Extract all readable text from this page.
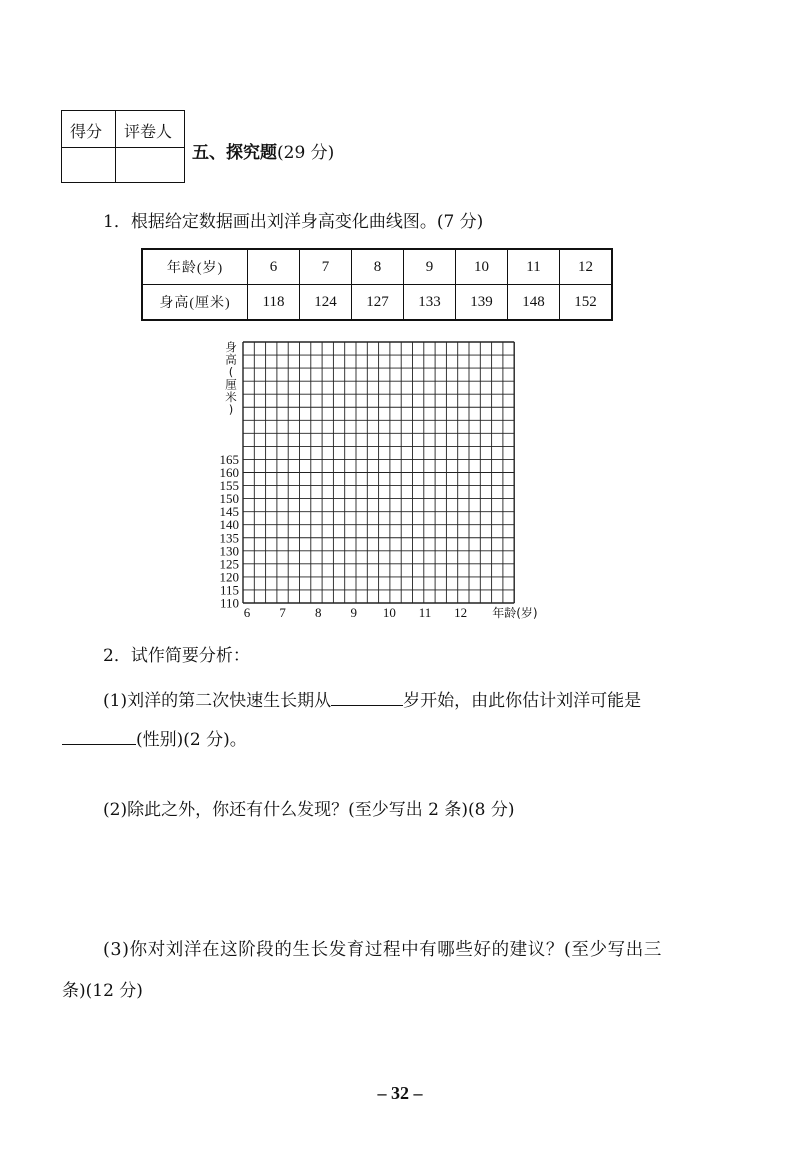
得分 评卷人
五、探究题(29 分)
1．根据给定数据画出刘洋身高变化曲线图。(7 分)
年龄(岁)	6	7	8	9	10	11	12
身高(厘米)	118	124	127	133	139	148	152
110
115
120
125
130
135
140
145
150
155
160
165
6 7 8 9 10 11 12
身
高
(
厘
米
)
年龄(岁)
2．试作简要分析：
(1)刘洋的第二次快速生长期从	岁开始，由此你估计刘洋可能是
(性别)(2 分)。
(2)除此之外，你还有什么发现？(至少写出 2 条)(8 分)
(3)你对刘洋在这阶段的生长发育过程中有哪些好的建议？(至少写出三
条)(12 分)
– 32 –
